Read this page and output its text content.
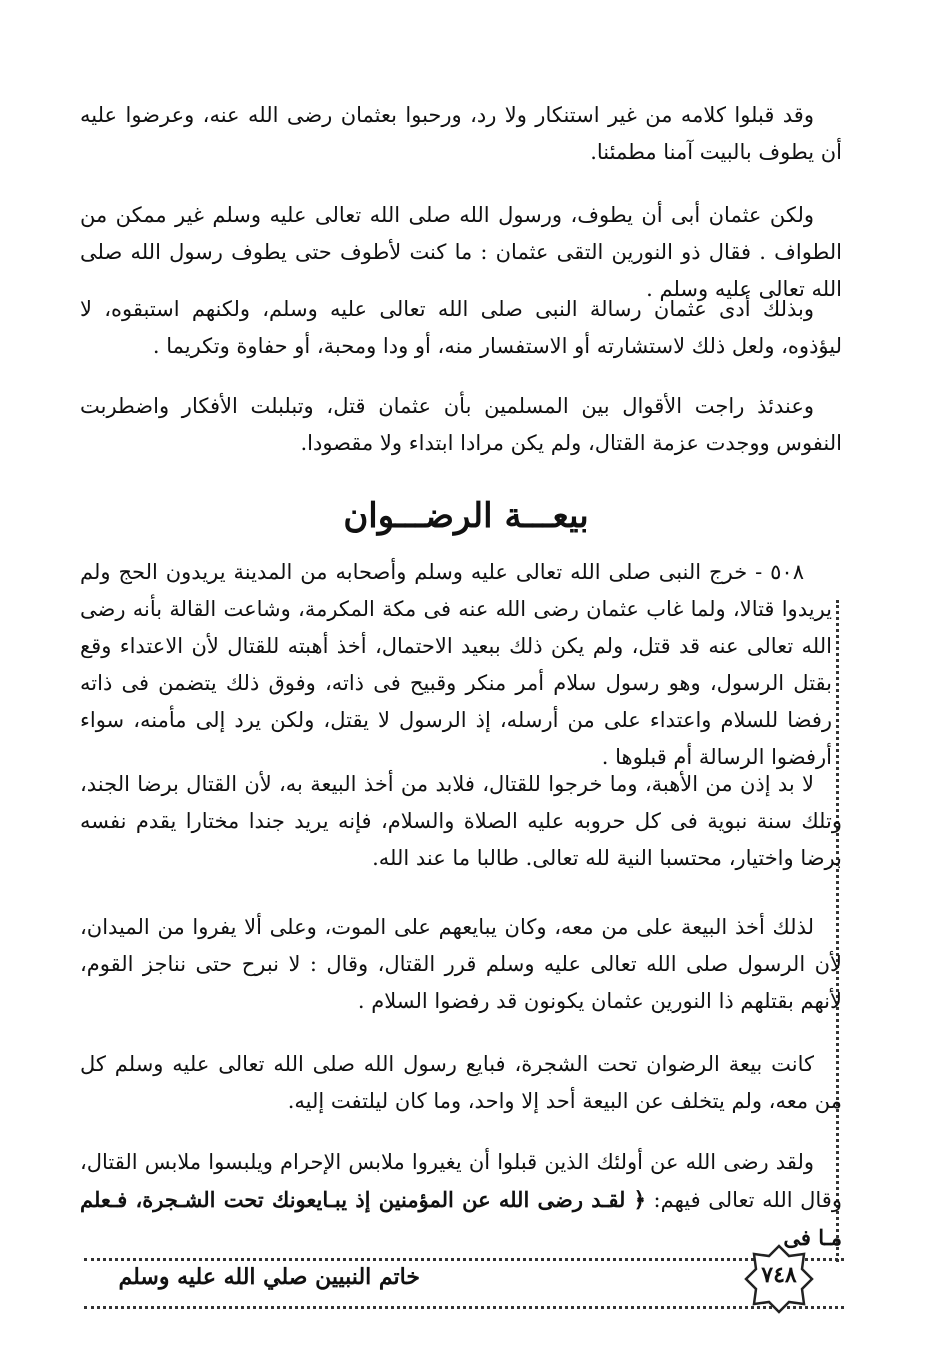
وقد قبلوا كلامه من غير استنكار ولا رد، ورحبوا بعثمان رضى الله عنه، وعرضوا عليه أن يطوف بالبيت آمنا مطمئنا.

ولكن عثمان أبى أن يطوف، ورسول الله صلى الله تعالى عليه وسلم غير ممكن من الطواف . فقال ذو النورين التقى عثمان : ما كنت لأطوف حتى يطوف رسول الله صلى الله تعالى عليه وسلم .

وبذلك أدى عثمان رسالة النبى صلى الله تعالى عليه وسلم، ولكنهم استبقوه، لا ليؤذوه، ولعل ذلك لاستشارته أو الاستفسار منه، أو ودا ومحبة، أو حفاوة وتكريما .

وعندئذ راجت الأقوال بين المسلمين بأن عثمان قتل، وتبلبلت الأفكار واضطربت النفوس ووجدت عزمة القتال، ولم يكن مرادا ابتداء ولا مقصودا.

بيعـــة الرضـــوان

٥٠٨ - خرج النبى صلى الله تعالى عليه وسلم وأصحابه من المدينة يريدون الحج ولم يريدوا قتالا، ولما غاب عثمان رضى الله عنه فى مكة المكرمة، وشاعت القالة بأنه رضى الله تعالى عنه قد قتل، ولم يكن ذلك ببعيد الاحتمال، أخذ أهبته للقتال لأن الاعتداء وقع بقتل الرسول، وهو رسول سلام أمر منكر وقبيح فى ذاته، وفوق ذلك يتضمن فى ذاته رفضا للسلام واعتداء على من أرسله، إذ الرسول لا يقتل، ولكن يرد إلى مأمنه، سواء أرفضوا الرسالة أم قبلوها .

لا بد إذن من الأهبة، وما خرجوا للقتال، فلابد من أخذ البيعة به، لأن القتال برضا الجند، وتلك سنة نبوية فى كل حروبه عليه الصلاة والسلام، فإنه يريد جندا مختارا يقدم نفسه برضا واختيار، محتسبا النية لله تعالى. طالبا ما عند الله.

لذلك أخذ البيعة على من معه، وكان يبايعهم على الموت، وعلى ألا يفروا من الميدان، لأن الرسول صلى الله تعالى عليه وسلم قرر القتال، وقال : لا نبرح حتى نناجز القوم، لأنهم بقتلهم ذا النورين عثمان يكونون قد رفضوا السلام .

كانت بيعة الرضوان تحت الشجرة، فبايع رسول الله صلى الله تعالى عليه وسلم كل من معه، ولم يتخلف عن البيعة أحد إلا واحد، وما كان ليلتفت إليه.

ولقد رضى الله عن أولئك الذين قبلوا أن يغيروا ملابس الإحرام ويلبسوا ملابس القتال، وقال الله تعالى فيهم: ﴿ لقـد رضى الله عن المؤمنين إذ يبـايعونك تحت الشـجرة، فـعلم مـا فى

٧٤٨
خاتم النبيين صلي الله عليه وسلم
